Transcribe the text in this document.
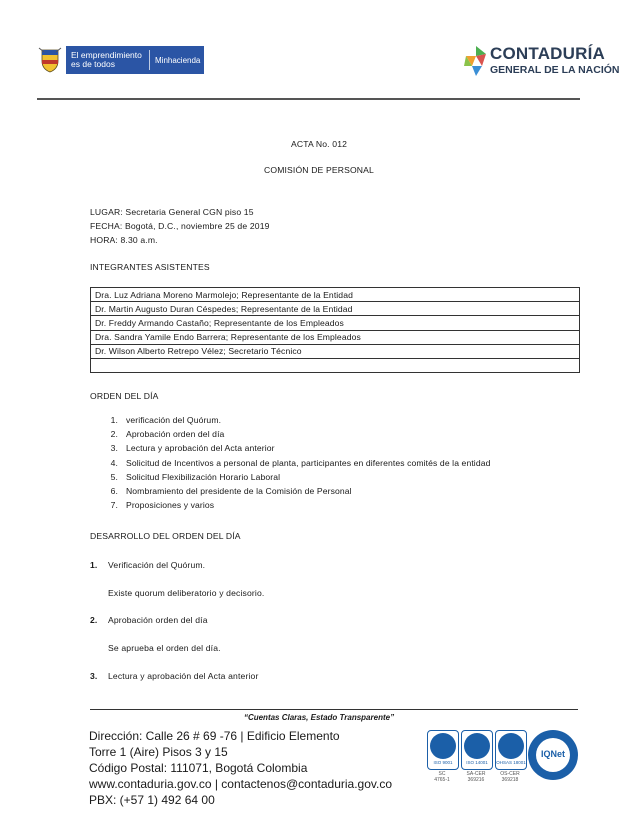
El emprendimiento es de todos	Minhacienda	CONTADURÍA
GENERAL DE LA NACIÓN
ACTA No. 012
COMISIÓN DE PERSONAL
LUGAR: Secretaria General CGN piso 15
FECHA: Bogotá, D.C., noviembre 25 de 2019
HORA: 8.30 a.m.
INTEGRANTES ASISTENTES
Dra. Luz Adriana Moreno Marmolejo; Representante de la Entidad
Dr. Martin Augusto Duran Céspedes; Representante de la Entidad
Dr. Freddy Armando Castaño; Representante de los Empleados
Dra. Sandra Yamile Endo Barrera; Representante de los Empleados
Dr. Wilson Alberto Retrepo Vélez; Secretario Técnico

ORDEN DEL DÍA
1. verificación del Quórum.
2. Aprobación orden del día
3. Lectura y aprobación del Acta anterior
4. Solicitud de Incentivos a personal de planta, participantes en diferentes comités de la entidad
5. Solicitud Flexibilización Horario Laboral
6. Nombramiento del presidente de la Comisión de Personal
7. Proposiciones y varios
DESARROLLO DEL ORDEN DEL DÍA
1. Verificación del Quórum.
Existe quorum deliberatorio y decisorio.
2. Aprobación orden del día
Se aprueba el orden del día.
3. Lectura y aprobación del Acta anterior
“Cuentas Claras, Estado Transparente”
Dirección: Calle 26 # 69 -76 | Edificio Elemento
Torre 1 (Aire) Pisos 3 y 15
Código Postal: 111071, Bogotá Colombia
www.contaduria.gov.co | contactenos@contaduria.gov.co
PBX: (+57 1) 492 64 00
ISO 9001
SC
4765-1
ISO 14001
SA-CER
369216
OHSAS 18001
OS-CER
369218
IQNet
